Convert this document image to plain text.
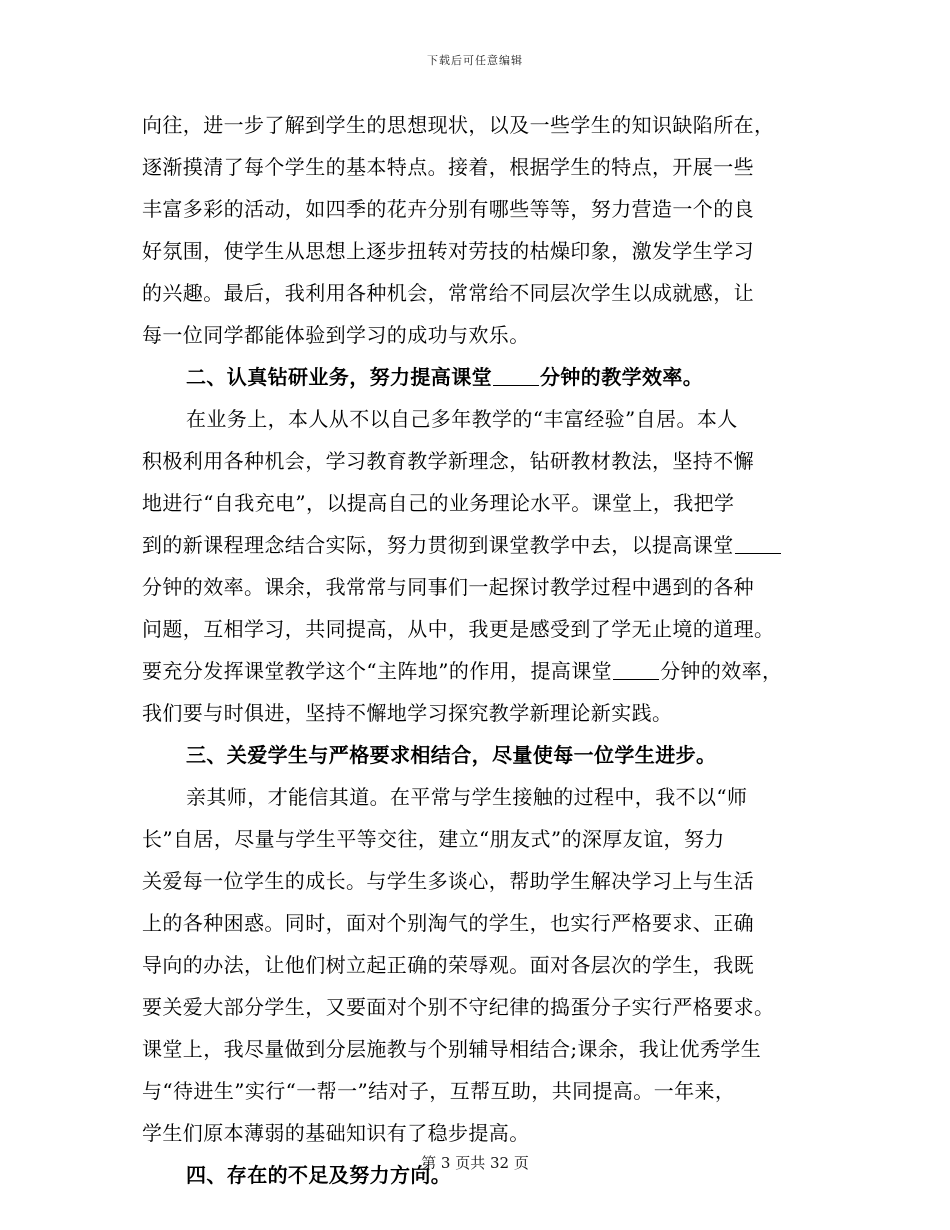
下载后可任意编辑
向往，进一步了解到学生的思想现状，以及一些学生的知识缺陷所在，
逐渐摸清了每个学生的基本特点。接着，根据学生的特点，开展一些
丰富多彩的活动，如四季的花卉分别有哪些等等，努力营造一个的良
好氛围，使学生从思想上逐步扭转对劳技的枯燥印象，激发学生学习
的兴趣。最后，我利用各种机会，常常给不同层次学生以成就感，让
每一位同学都能体验到学习的成功与欢乐。
二、认真钻研业务，努力提高课堂 分钟的教学效率。
在业务上，本人从不以自己多年教学的“丰富经验”自居。本人
积极利用各种机会，学习教育教学新理念，钻研教材教法，坚持不懈
地进行“自我充电”，以提高自己的业务理论水平。课堂上，我把学
到的新课程理念结合实际，努力贯彻到课堂教学中去，以提高课堂
分钟的效率。课余，我常常与同事们一起探讨教学过程中遇到的各种
问题，互相学习，共同提高，从中，我更是感受到了学无止境的道理。
要充分发挥课堂教学这个“主阵地”的作用，提高课堂 分钟的效率，
我们要与时俱进，坚持不懈地学习探究教学新理论新实践。
三、关爱学生与严格要求相结合，尽量使每一位学生进步。
亲其师，才能信其道。在平常与学生接触的过程中，我不以“师
长”自居，尽量与学生平等交往，建立“朋友式”的深厚友谊，努力
关爱每一位学生的成长。与学生多谈心，帮助学生解决学习上与生活
上的各种困惑。同时，面对个别淘气的学生，也实行严格要求、正确
导向的办法，让他们树立起正确的荣辱观。面对各层次的学生，我既
要关爱大部分学生，又要面对个别不守纪律的捣蛋分子实行严格要求。
课堂上，我尽量做到分层施教与个别辅导相结合;课余，我让优秀学生
与“待进生”实行“一帮一”结对子，互帮互助，共同提高。一年来，
学生们原本薄弱的基础知识有了稳步提高。
四、存在的不足及努力方向。
第 3 页共 32 页
